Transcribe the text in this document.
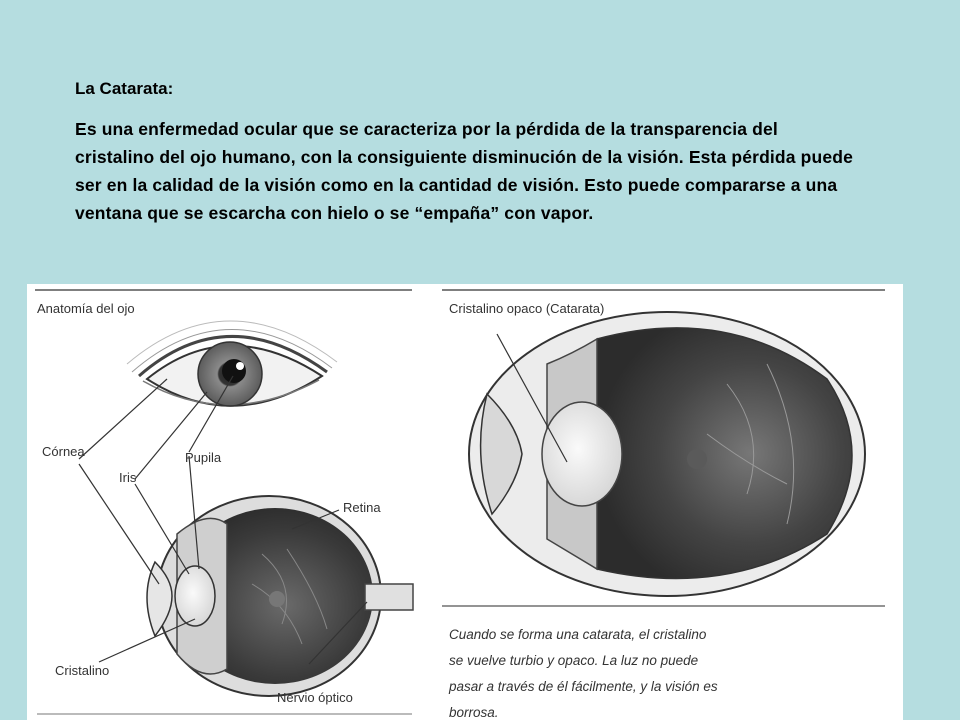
La Catarata:

Es una enfermedad ocular que se caracteriza por la pérdida de la transparencia del cristalino del ojo humano, con la consiguiente disminución de la visión. Esta pérdida puede ser en la calidad de la visión como en la cantidad de visión. Esto puede compararse a una ventana que se escarcha con hielo o se “empaña” con vapor.

Anatomía del ojo
Córnea
Iris
Pupila
Retina
Cristalino
Nervio óptico
Cristalino opaco (Catarata)
Cuando se forma una catarata, el cristalino
se vuelve turbio y opaco. La luz no puede
pasar a través de él fácilmente, y la visión es
borrosa.
